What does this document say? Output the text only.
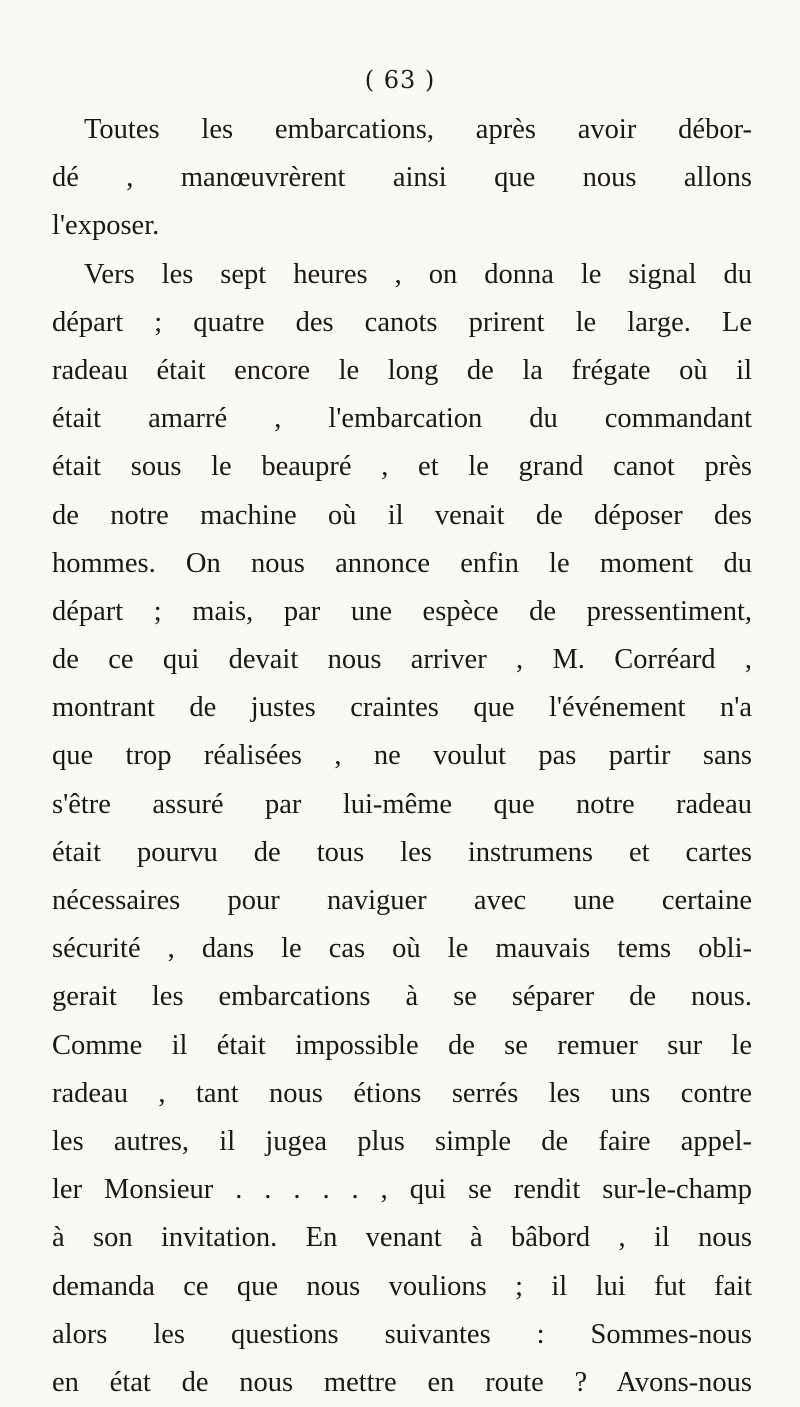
( 63 )
Toutes les embarcations, après avoir débor-
dé , manœuvrèrent ainsi que nous allons
l'exposer.
Vers les sept heures , on donna le signal du
départ ; quatre des canots prirent le large. Le
radeau était encore le long de la frégate où il
était amarré , l'embarcation du commandant
était sous le beaupré , et le grand canot près
de notre machine où il venait de déposer des
hommes. On nous annonce enfin le moment du
départ ; mais, par une espèce de pressentiment,
de ce qui devait nous arriver , M. Corréard ,
montrant de justes craintes que l'événement n'a
que trop réalisées , ne voulut pas partir sans
s'être assuré par lui-même que notre radeau
était pourvu de tous les instrumens et cartes
nécessaires pour naviguer avec une certaine
sécurité , dans le cas où le mauvais tems obli-
gerait les embarcations à se séparer de nous.
Comme il était impossible de se remuer sur le
radeau , tant nous étions serrés les uns contre
les autres, il jugea plus simple de faire appel-
ler Monsieur . . . . . , qui se rendit sur-le-champ
à son invitation. En venant à bâbord , il nous
demanda ce que nous voulions ; il lui fut fait
alors les questions suivantes : Sommes-nous
en état de nous mettre en route ? Avons-nous
